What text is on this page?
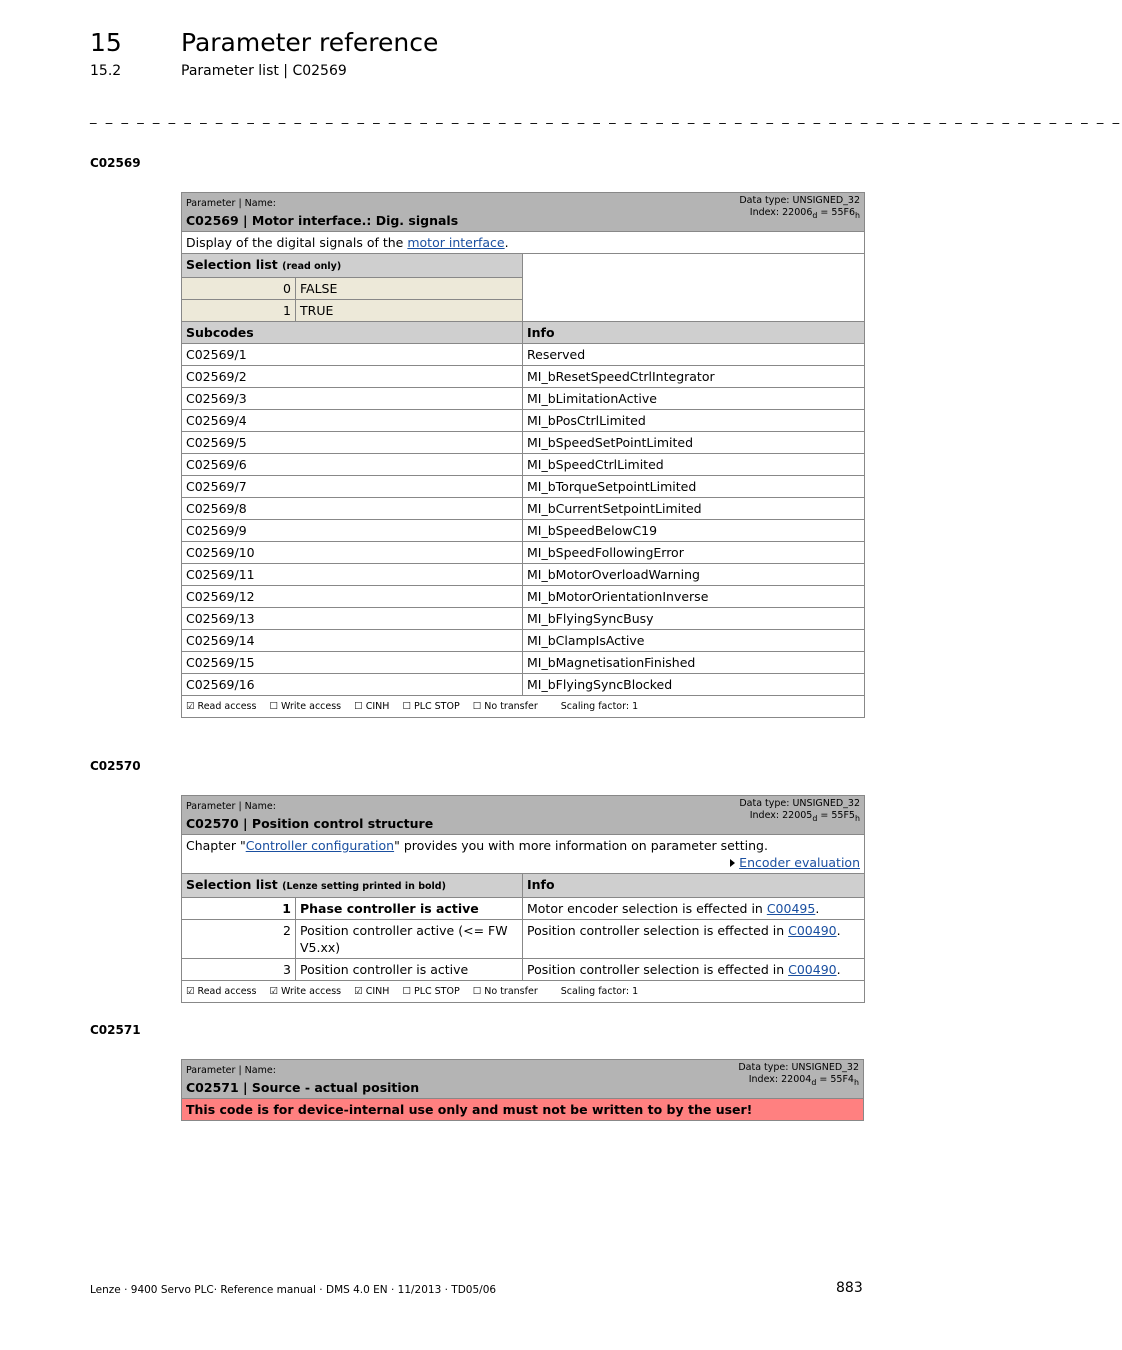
15 Parameter reference
15.2	Parameter list | C02569
_ _ _ _ _ _ _ _ _ _ _ _ _ _ _ _ _ _ _ _ _ _ _ _ _ _ _ _ _ _ _ _ _ _ _ _ _ _ _ _ _ _ _ _ _ _ _ _ _ _ _ _ _ _ _ _ _ _ _ _ _ _ _ _ _ _
C02569
Data type: UNSIGNED_32
Index: $22006_d = 55F6_h$
Parameter | Name:
C02569 | Motor interface.: Dig. signals		

Display of the digital signals of the motor interface.		
Selection list (read only)		
0	FALSE	
1	TRUE	
Subcodes		Info
C02569/1		Reserved
C02569/2		MI_bResetSpeedCtrlIntegrator
C02569/3		MI_bLimitationActive
C02569/4		MI_bPosCtrlLimited
C02569/5		MI_bSpeedSetPointLimited
C02569/6		MI_bSpeedCtrlLimited
C02569/7		MI_bTorqueSetpointLimited
C02569/8		MI_bCurrentSetpointLimited
C02569/9		MI_bSpeedBelowC19
C02569/10		MI_bSpeedFollowingError
C02569/11		MI_bMotorOverloadWarning
C02569/12		MI_bMotorOrientationInverse
C02569/13		MI_bFlyingSyncBusy
C02569/14		MI_bClampIsActive
C02569/15		MI_bMagnetisationFinished
C02569/16		MI_bFlyingSyncBlocked
☑ Read access ☐ Write access ☐ CINH ☐ PLC STOP ☐ No transfer Scaling factor: 1		
C02570
Data type: UNSIGNED_32
Index: $22005_d = 55F5_h$
Parameter | Name:
C02570 | Position control structure		

Chapter "Controller configuration" provides you with more information on parameter setting.
Encoder evaluation		

Selection list (Lenze setting printed in bold)		Info
1	Phase controller is active	Motor encoder selection is effected in C00495.
2	Position controller active (<= FW V5.xx)	Position controller selection is effected in C00490.
3	Position controller is active	Position controller selection is effected in C00490.
☑ Read access ☑ Write access ☑ CINH ☐ PLC STOP ☐ No transfer Scaling factor: 1		
C02571
Data type: UNSIGNED_32
Index: $22004_d = 55F4_h$
Parameter | Name:
C02571 | Source - actual position

This code is for device-internal use only and must not be written to by the user!
Lenze · 9400 Servo PLC· Reference manual · DMS 4.0 EN · 11/2013 · TD05/06	883
